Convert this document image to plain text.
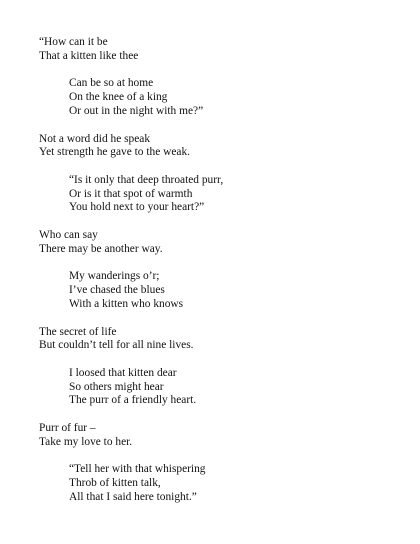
“How can it be
That a kitten like thee
Can be so at home
On the knee of a king
Or out in the night with me?”
Not a word did he speak
Yet strength he gave to the weak.
“Is it only that deep throated purr,
Or is it that spot of warmth
You hold next to your heart?”
Who can say
There may be another way.
My wanderings o’r;
I’ve chased the blues
With a kitten who knows
The secret of life
But couldn’t tell for all nine lives.
I loosed that kitten dear
So others might hear
The purr of a friendly heart.
Purr of fur –
Take my love to her.
“Tell her with that whispering
Throb of kitten talk,
All that I said here tonight.”
